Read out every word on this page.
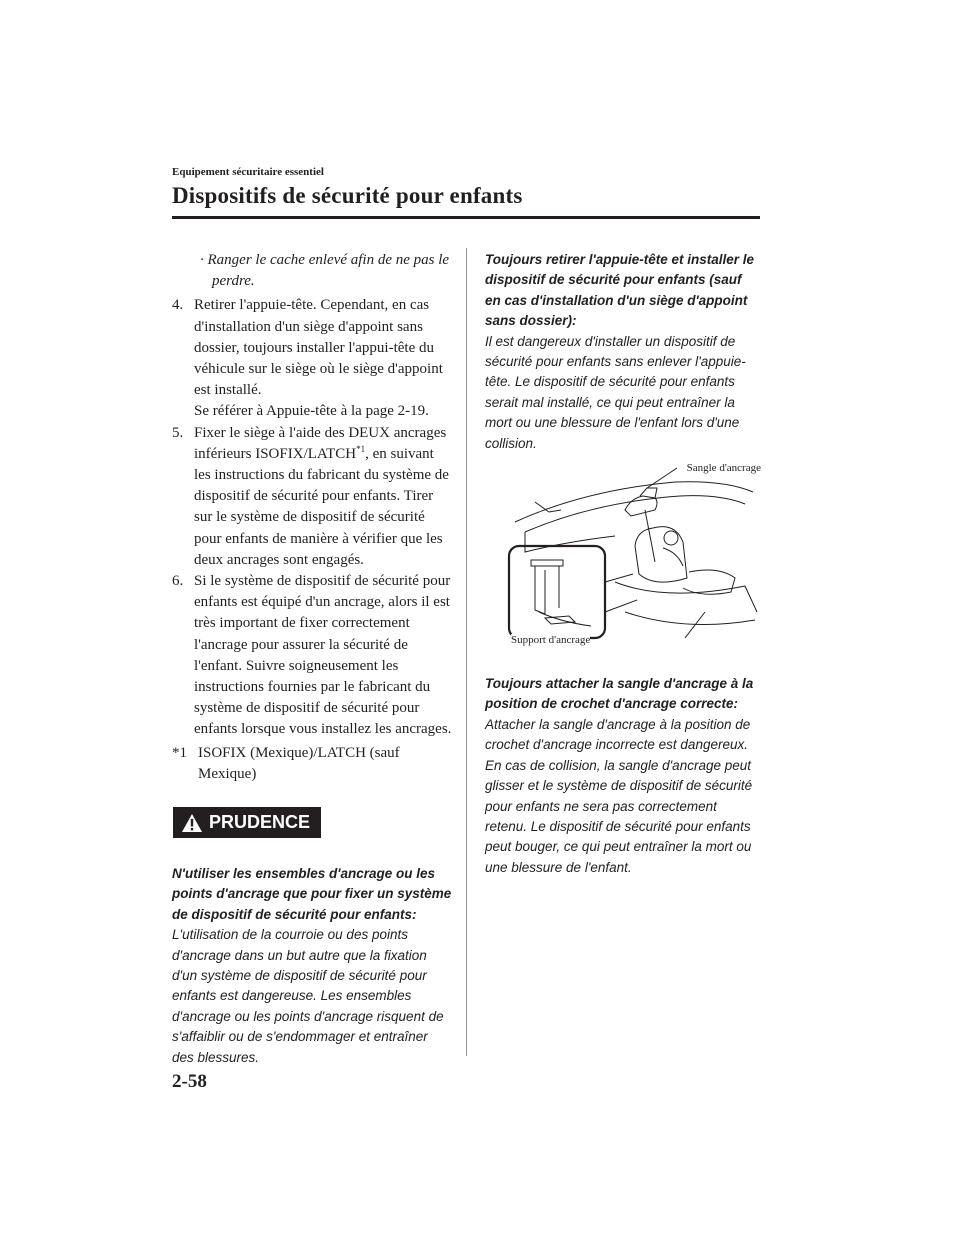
Equipement sécuritaire essentiel
Dispositifs de sécurité pour enfants
· Ranger le cache enlevé afin de ne pas le perdre.
4. Retirer l'appuie-tête. Cependant, en cas d'installation d'un siège d'appoint sans dossier, toujours installer l'appui-tête du véhicule sur le siège où le siège d'appoint est installé.
Se référer à Appuie-tête à la page 2-19.
5. Fixer le siège à l'aide des DEUX ancrages inférieurs ISOFIX/LATCH$^{*1}$, en suivant les instructions du fabricant du système de dispositif de sécurité pour enfants. Tirer sur le système de dispositif de sécurité pour enfants de manière à vérifier que les deux ancrages sont engagés.
6. Si le système de dispositif de sécurité pour enfants est équipé d'un ancrage, alors il est très important de fixer correctement l'ancrage pour assurer la sécurité de l'enfant. Suivre soigneusement les instructions fournies par le fabricant du système de dispositif de sécurité pour enfants lorsque vous installez les ancrages.
*1 ISOFIX (Mexique)/LATCH (sauf Mexique)
PRUDENCE
N'utiliser les ensembles d'ancrage ou les points d'ancrage que pour fixer un système de dispositif de sécurité pour enfants:
L'utilisation de la courroie ou des points d'ancrage dans un but autre que la fixation d'un système de dispositif de sécurité pour enfants est dangereuse. Les ensembles d'ancrage ou les points d'ancrage risquent de s'affaiblir ou de s'endommager et entraîner des blessures.
Toujours retirer l'appuie-tête et installer le dispositif de sécurité pour enfants (sauf en cas d'installation d'un siège d'appoint sans dossier):
Il est dangereux d'installer un dispositif de sécurité pour enfants sans enlever l'appuie-tête. Le dispositif de sécurité pour enfants serait mal installé, ce qui peut entraîner la mort ou une blessure de l'enfant lors d'une collision.
Sangle d'ancrage
Support d'ancrage
Toujours attacher la sangle d'ancrage à la position de crochet d'ancrage correcte:
Attacher la sangle d'ancrage à la position de crochet d'ancrage incorrecte est dangereux. En cas de collision, la sangle d'ancrage peut glisser et le système de dispositif de sécurité pour enfants ne sera pas correctement retenu. Le dispositif de sécurité pour enfants peut bouger, ce qui peut entraîner la mort ou une blessure de l'enfant.
2-58
